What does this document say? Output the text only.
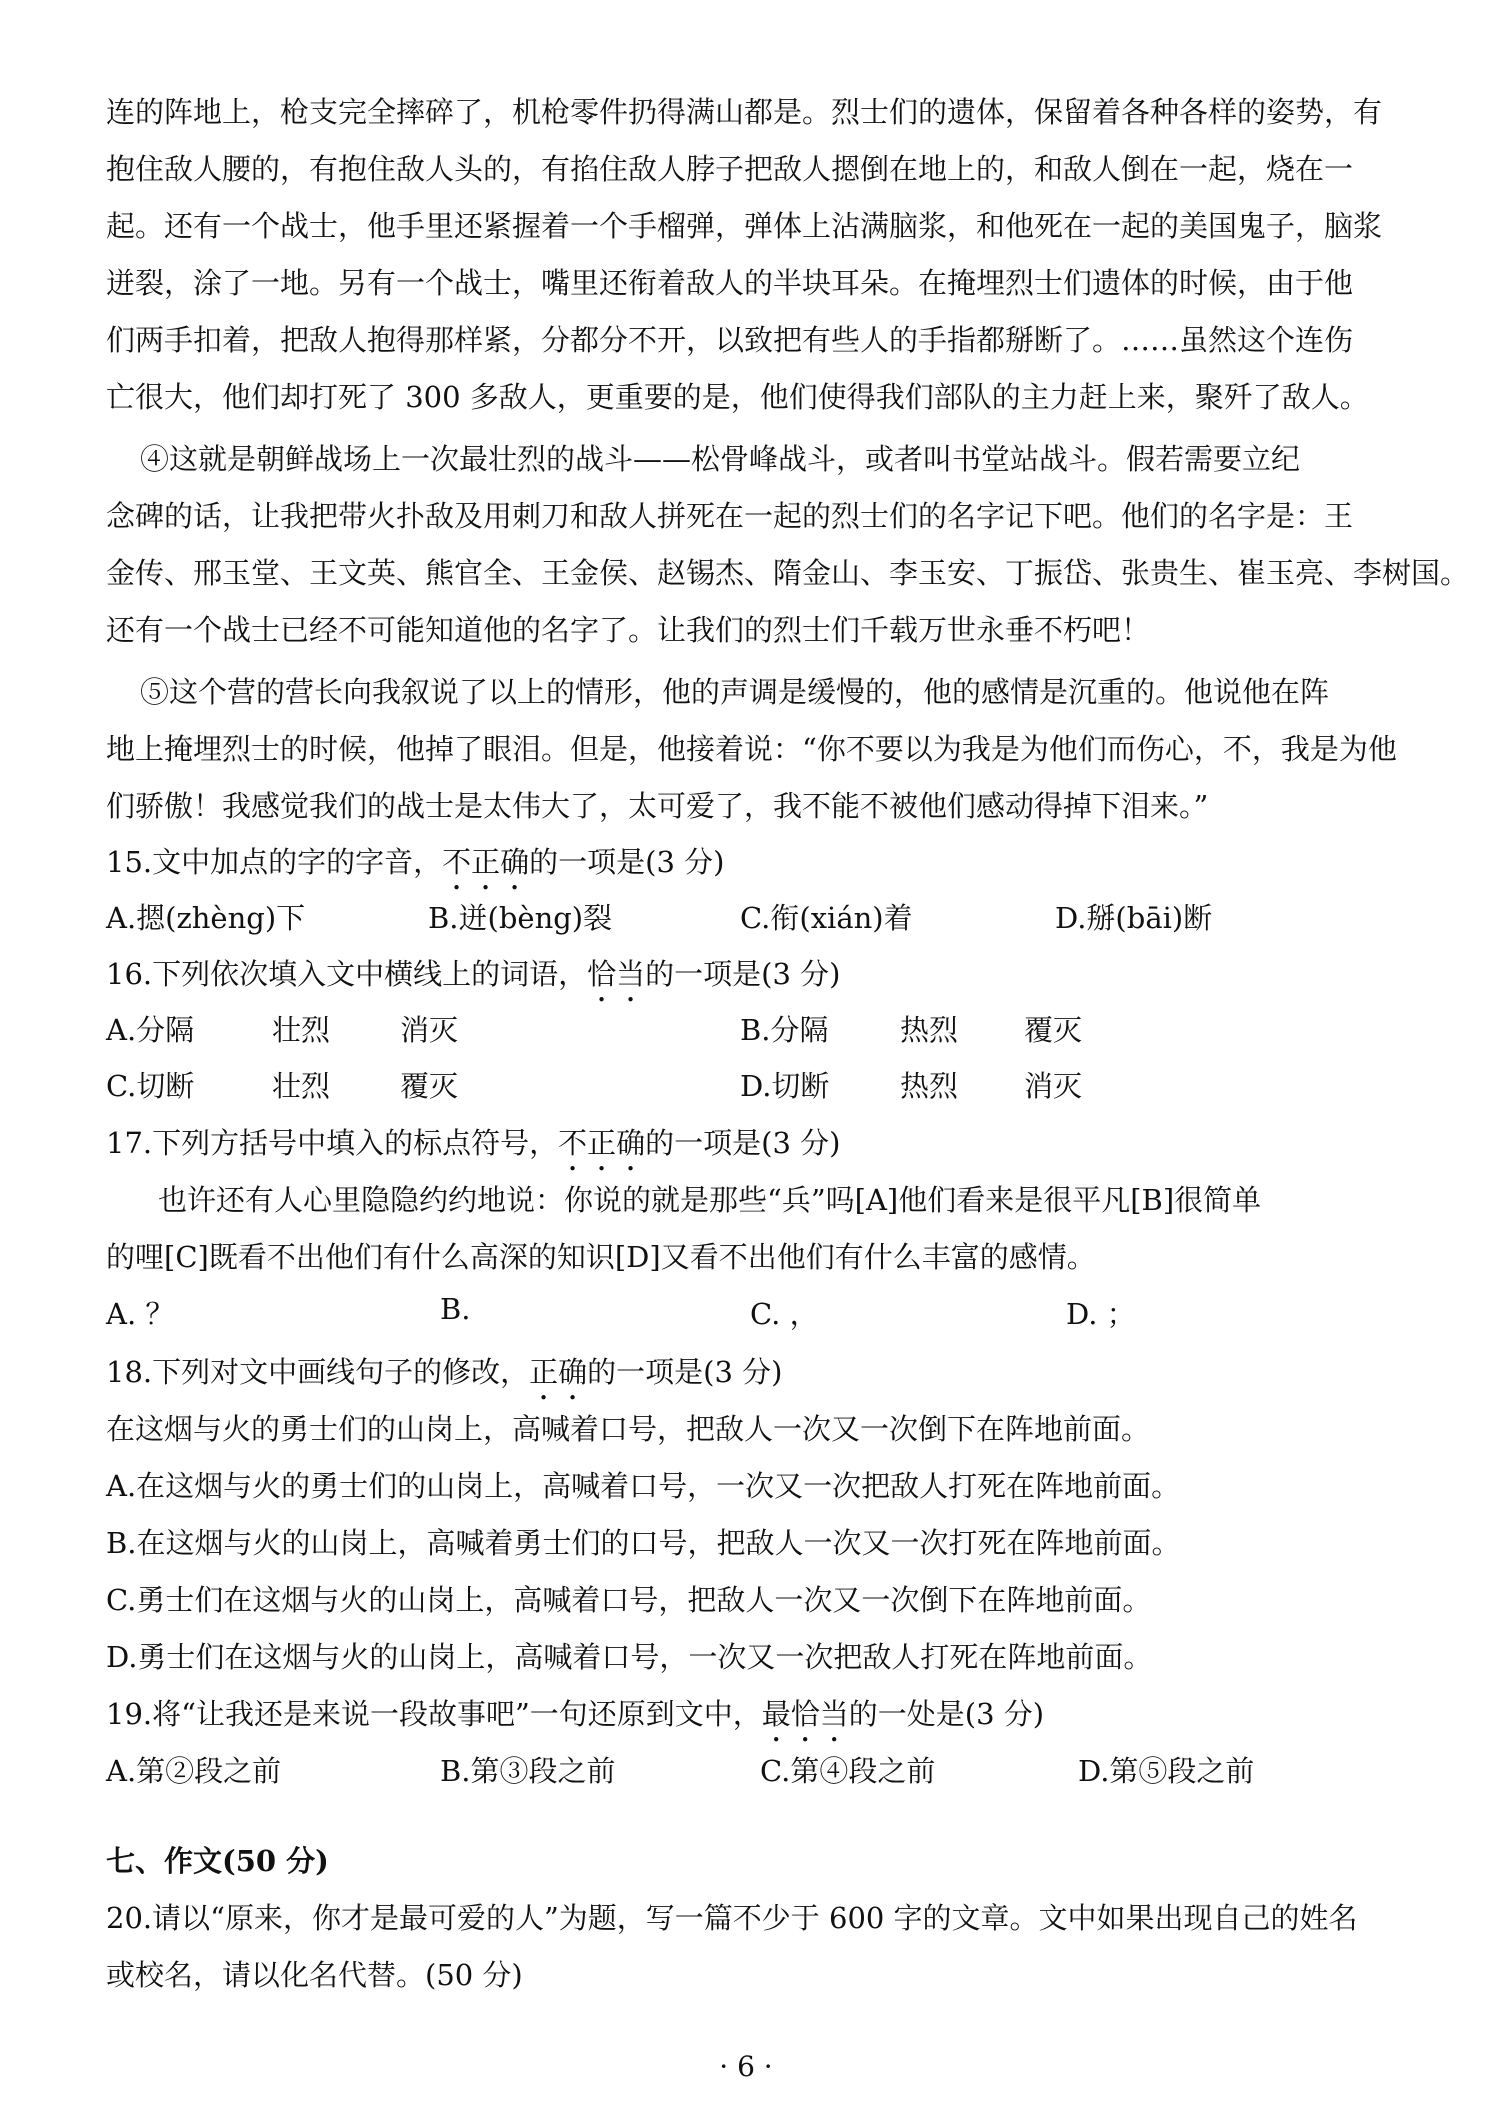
连的阵地上，枪支完全摔碎了，机枪零件扔得满山都是。烈士们的遗体，保留着各种各样的姿势，有
抱住敌人腰的，有抱住敌人头的，有掐住敌人脖子把敌人摁倒在地上的，和敌人倒在一起，烧在一
起。还有一个战士，他手里还紧握着一个手榴弹，弹体上沾满脑浆，和他死在一起的美国鬼子，脑浆
迸裂，涂了一地。另有一个战士，嘴里还衔着敌人的半块耳朵。在掩埋烈士们遗体的时候，由于他
们两手扣着，把敌人抱得那样紧，分都分不开，以致把有些人的手指都掰断了。……虽然这个连伤
亡很大，他们却打死了 300 多敌人，更重要的是，他们使得我们部队的主力赶上来，聚歼了敌人。
④这就是朝鲜战场上一次最壮烈的战斗——松骨峰战斗，或者叫书堂站战斗。假若需要立纪
念碑的话，让我把带火扑敌及用刺刀和敌人拼死在一起的烈士们的名字记下吧。他们的名字是：王
金传、邢玉堂、王文英、熊官全、王金侯、赵锡杰、隋金山、李玉安、丁振岱、张贵生、崔玉亮、李树国。
还有一个战士已经不可能知道他的名字了。让我们的烈士们千载万世永垂不朽吧！
⑤这个营的营长向我叙说了以上的情形，他的声调是缓慢的，他的感情是沉重的。他说他在阵
地上掩埋烈士的时候，他掉了眼泪。但是，他接着说：“你不要以为我是为他们而伤心，不，我是为他
们骄傲！我感觉我们的战士是太伟大了，太可爱了，我不能不被他们感动得掉下泪来。”
15.文中加点的字的字音，不正确的一项是(3 分)
A.摁(zhèng)下	B.迸(bèng)裂	C.衔(xián)着	D.掰(bāi)断
16.下列依次填入文中横线上的词语，恰当的一项是(3 分)
A.分隔	壮烈 消灭	B.分隔 热烈 覆灭
C.切断	壮烈 覆灭	D.切断 热烈 消灭
17.下列方括号中填入的标点符号，不正确的一项是(3 分)
也许还有人心里隐隐约约地说：你说的就是那些“兵”吗[A]他们看来是很平凡[B]很简单
的哩[C]既看不出他们有什么高深的知识[D]又看不出他们有什么丰富的感情。
A. ？	B.	C. ，	D. ；
18.下列对文中画线句子的修改，正确的一项是(3 分)
在这烟与火的勇士们的山岗上，高喊着口号，把敌人一次又一次倒下在阵地前面。
A.在这烟与火的勇士们的山岗上，高喊着口号，一次又一次把敌人打死在阵地前面。
B.在这烟与火的山岗上，高喊着勇士们的口号，把敌人一次又一次打死在阵地前面。
C.勇士们在这烟与火的山岗上，高喊着口号，把敌人一次又一次倒下在阵地前面。
D.勇士们在这烟与火的山岗上，高喊着口号，一次又一次把敌人打死在阵地前面。
19.将“让我还是来说一段故事吧”一句还原到文中，最恰当的一处是(3 分)
A.第②段之前	B.第③段之前	C.第④段之前	D.第⑤段之前
七、作文(50 分)
20.请以“原来，你才是最可爱的人”为题，写一篇不少于 600 字的文章。文中如果出现自己的姓名
或校名，请以化名代替。(50 分)
· 6 ·
